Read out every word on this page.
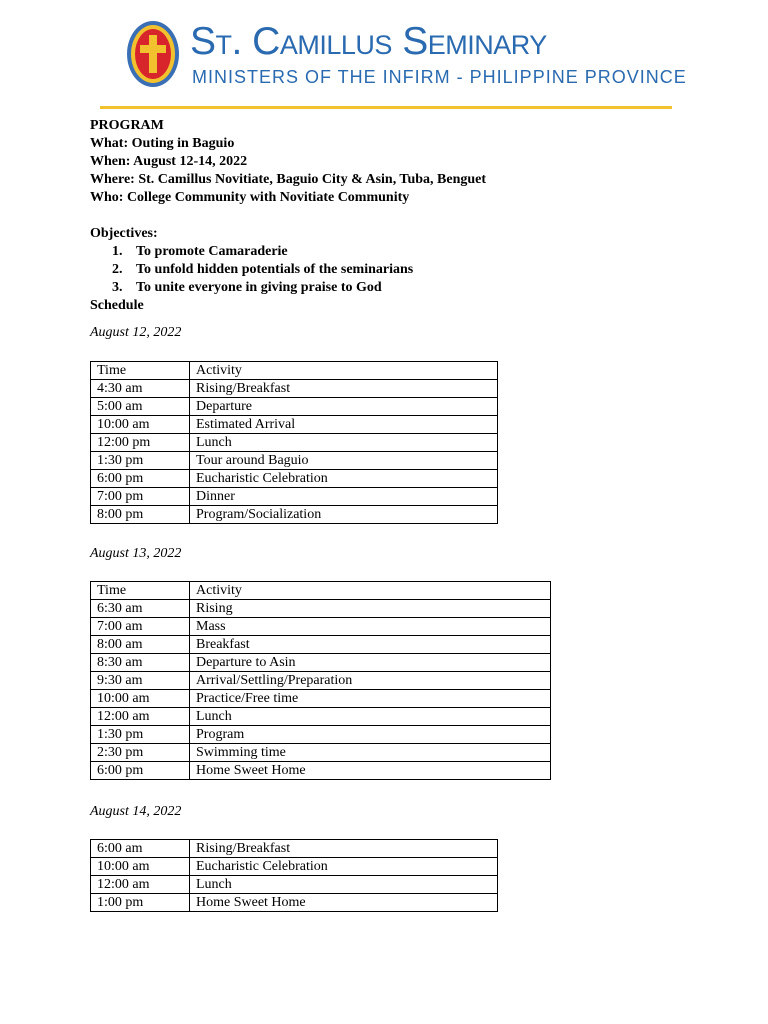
St. Camillus Seminary
MINISTERS OF THE INFIRM - PHILIPPINE PROVINCE
PROGRAM
What: Outing in Baguio
When: August 12-14, 2022
Where: St. Camillus Novitiate, Baguio City & Asin, Tuba, Benguet
Who: College Community with Novitiate Community
Objectives:
1. To promote Camaraderie
2. To unfold hidden potentials of the seminarians
3. To unite everyone in giving praise to God
Schedule
August 12, 2022
Time	Activity
4:30 am	Rising/Breakfast
5:00 am	Departure
10:00 am	Estimated Arrival
12:00 pm	Lunch
1:30 pm	Tour around Baguio
6:00 pm	Eucharistic Celebration
7:00 pm	Dinner
8:00 pm	Program/Socialization
August 13, 2022
Time	Activity
6:30 am	Rising
7:00 am	Mass
8:00 am	Breakfast
8:30 am	Departure to Asin
9:30 am	Arrival/Settling/Preparation
10:00 am	Practice/Free time
12:00 am	Lunch
1:30 pm	Program
2:30 pm	Swimming time
6:00 pm	Home Sweet Home
August 14, 2022
6:00 am	Rising/Breakfast
10:00 am	Eucharistic Celebration
12:00 am	Lunch
1:00 pm	Home Sweet Home
